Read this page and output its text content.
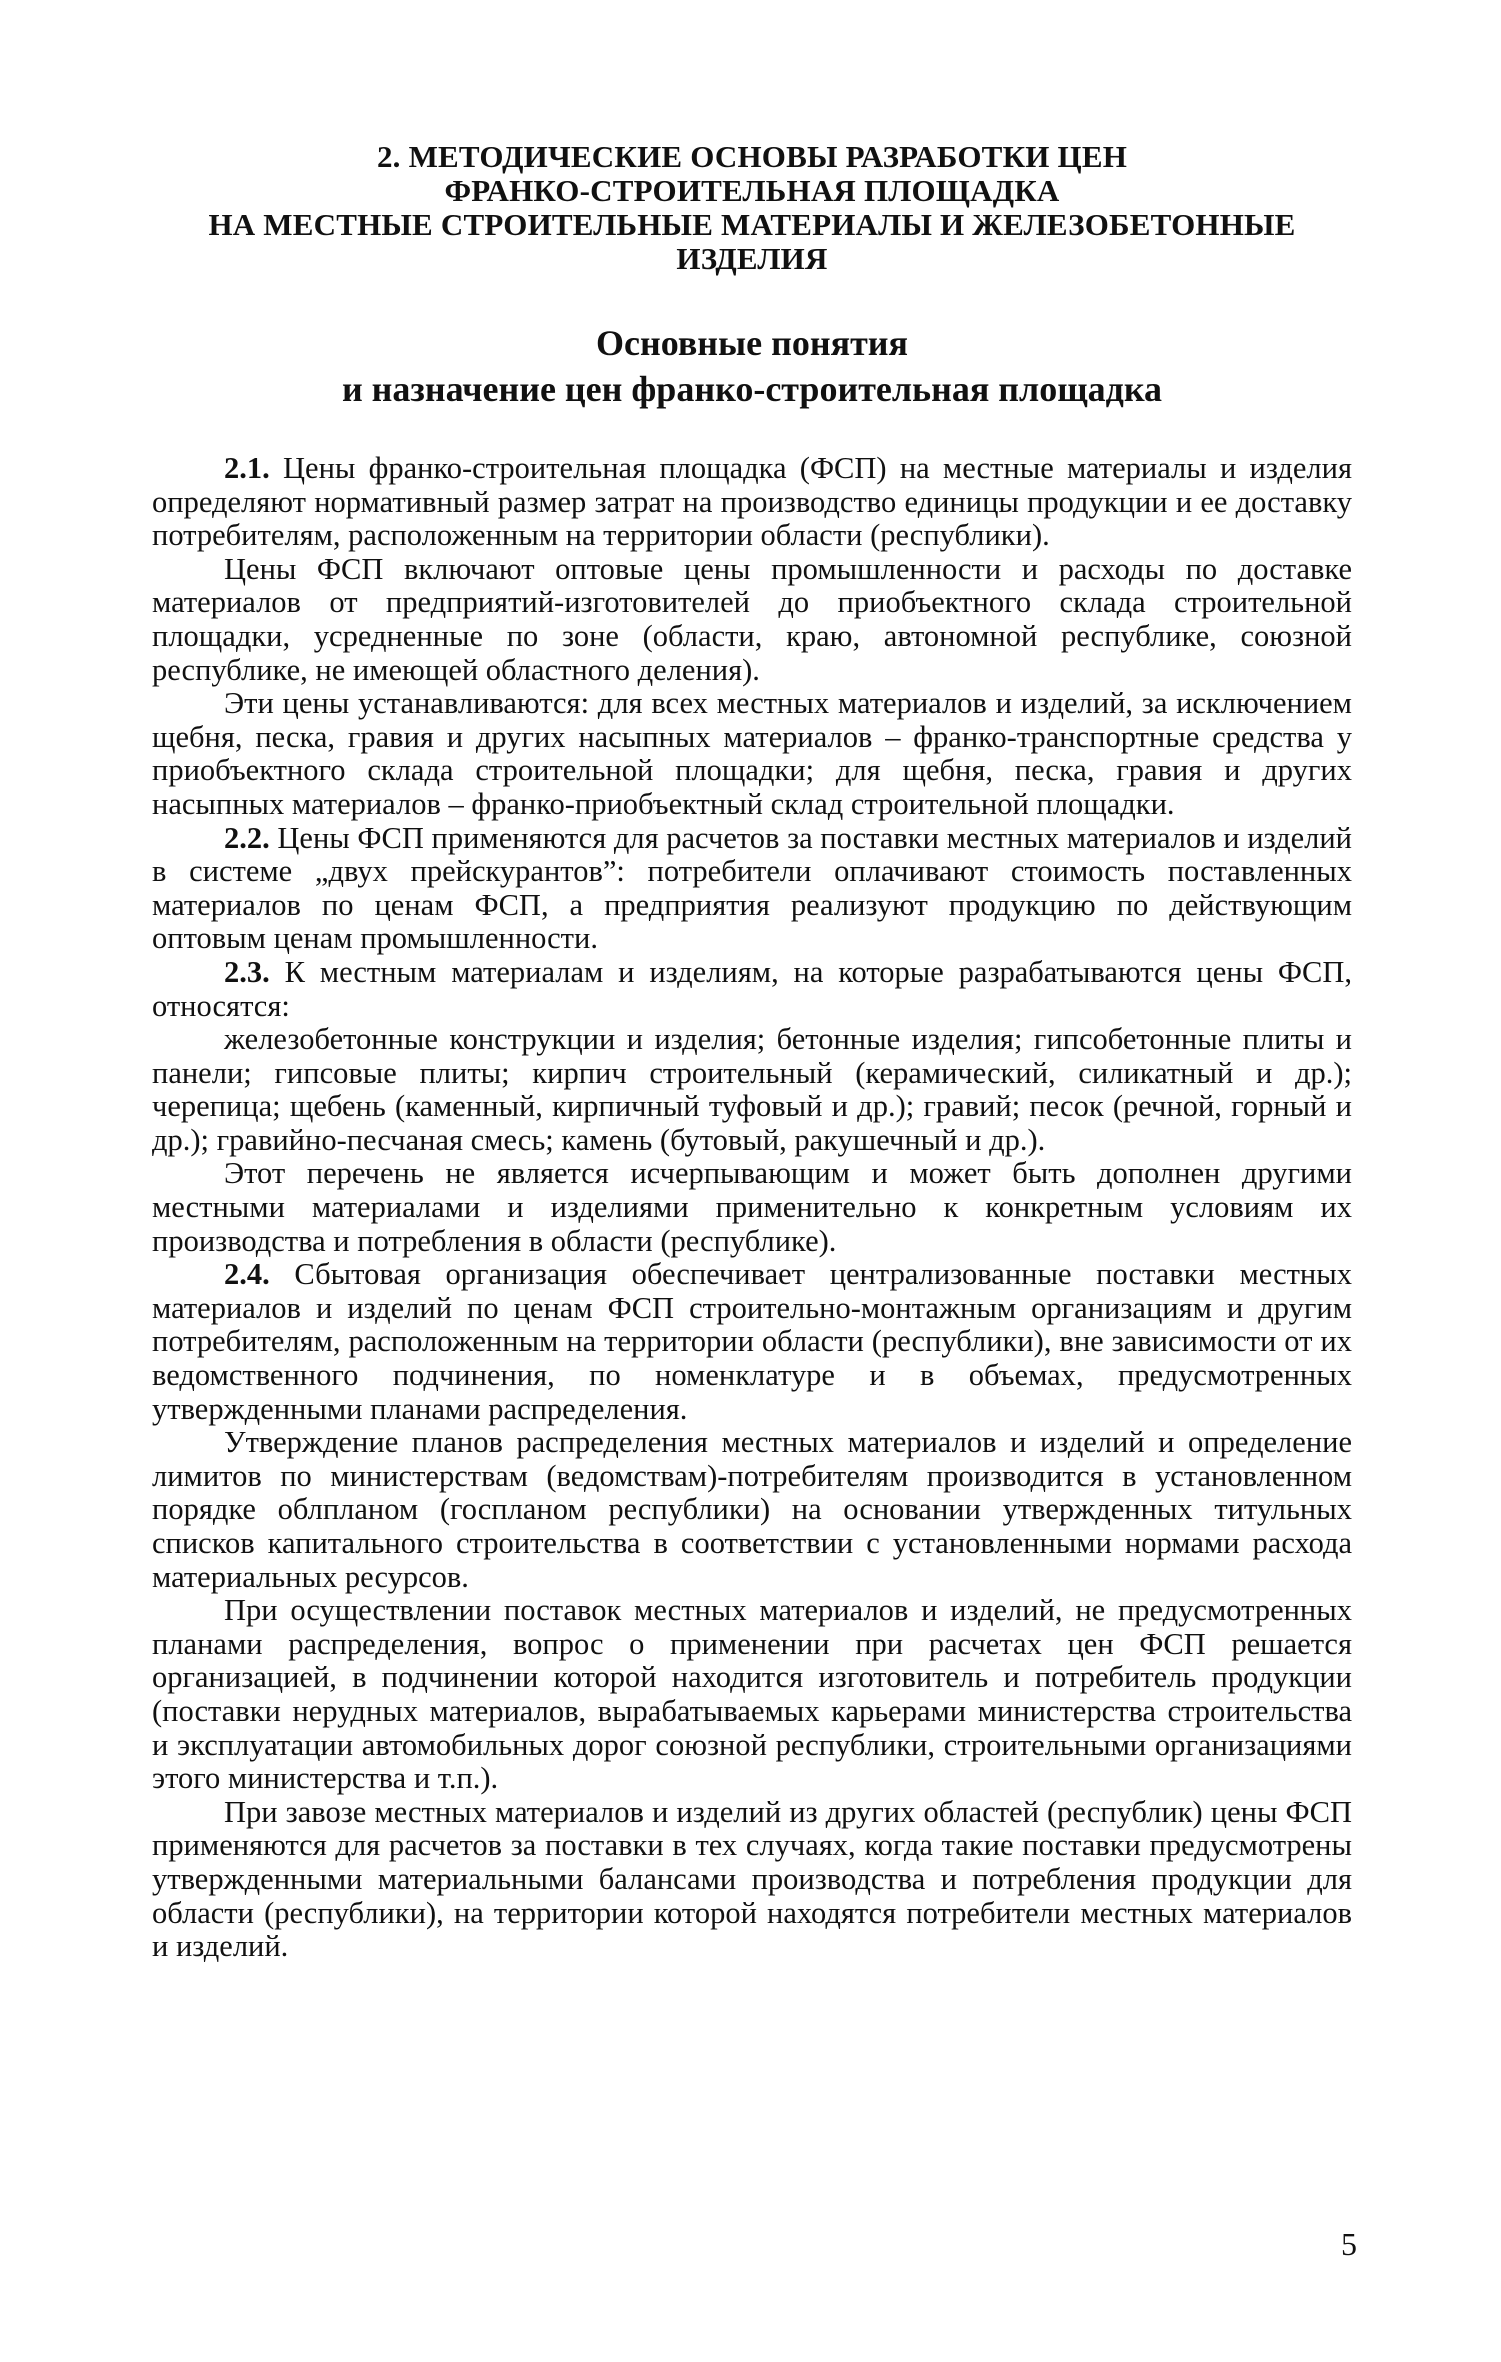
2. МЕТОДИЧЕСКИЕ ОСНОВЫ РАЗРАБОТКИ ЦЕН
ФРАНКО-СТРОИТЕЛЬНАЯ ПЛОЩАДКА
НА МЕСТНЫЕ СТРОИТЕЛЬНЫЕ МАТЕРИАЛЫ И ЖЕЛЕЗОБЕТОННЫЕ
ИЗДЕЛИЯ
Основные понятия
и назначение цен франко-строительная площадка

2.1. Цены франко-строительная площадка (ФСП) на местные материалы и изделия определяют нормативный размер затрат на производство единицы продукции и ее доставку потребителям, расположенным на территории области (республики).

Цены ФСП включают оптовые цены промышленности и расходы по доставке материалов от предприятий-изготовителей до приобъектного склада строительной площадки, усредненные по зоне (области, краю, автономной республике, союзной республике, не имеющей областного деления).

Эти цены устанавливаются: для всех местных материалов и изделий, за исключением щебня, песка, гравия и других насыпных материалов – франко-транспортные средства у приобъектного склада строительной площадки; для щебня, песка, гравия и других насыпных материалов – франко-приобъектный склад строительной площадки.

2.2. Цены ФСП применяются для расчетов за поставки местных материалов и изделий в системе „двух прейскурантов”: потребители оплачивают стоимость поставленных материалов по ценам ФСП, а предприятия реализуют продукцию по действующим оптовым ценам промышленности.

2.3. К местным материалам и изделиям, на которые разрабатываются цены ФСП, относятся:

железобетонные конструкции и изделия; бетонные изделия; гипсобетонные плиты и панели; гипсовые плиты; кирпич строительный (керамический, силикатный и др.); черепица; щебень (каменный, кирпичный туфовый и др.); гравий; песок (речной, горный и др.); гравийно-песчаная смесь; камень (бутовый, ракушечный и др.).

Этот перечень не является исчерпывающим и может быть дополнен другими местными материалами и изделиями применительно к конкретным условиям их производства и потребления в области (республике).

2.4. Сбытовая организация обеспечивает централизованные поставки местных материалов и изделий по ценам ФСП строительно-монтажным организациям и другим потребителям, расположенным на территории области (республики), вне зависимости от их ведомственного подчинения, по номенклатуре и в объемах, предусмотренных утвержденными планами распределения.

Утверждение планов распределения местных материалов и изделий и определение лимитов по министерствам (ведомствам)-потребителям производится в установленном порядке облпланом (госпланом республики) на основании утвержденных титульных списков капитального строительства в соответствии с установленными нормами расхода материальных ресурсов.

При осуществлении поставок местных материалов и изделий, не предусмотренных планами распределения, вопрос о применении при расчетах цен ФСП решается организацией, в подчинении которой находится изготовитель и потребитель продукции (поставки нерудных материалов, вырабатываемых карьерами министерства строительства и эксплуатации автомобильных дорог союзной республики, строительными организациями этого министерства и т.п.).

При завозе местных материалов и изделий из других областей (республик) цены ФСП применяются для расчетов за поставки в тех случаях, когда такие поставки предусмотрены утвержденными материальными балансами производства и потребления продукции для области (республики), на территории которой находятся потребители местных материалов и изделий.

5
